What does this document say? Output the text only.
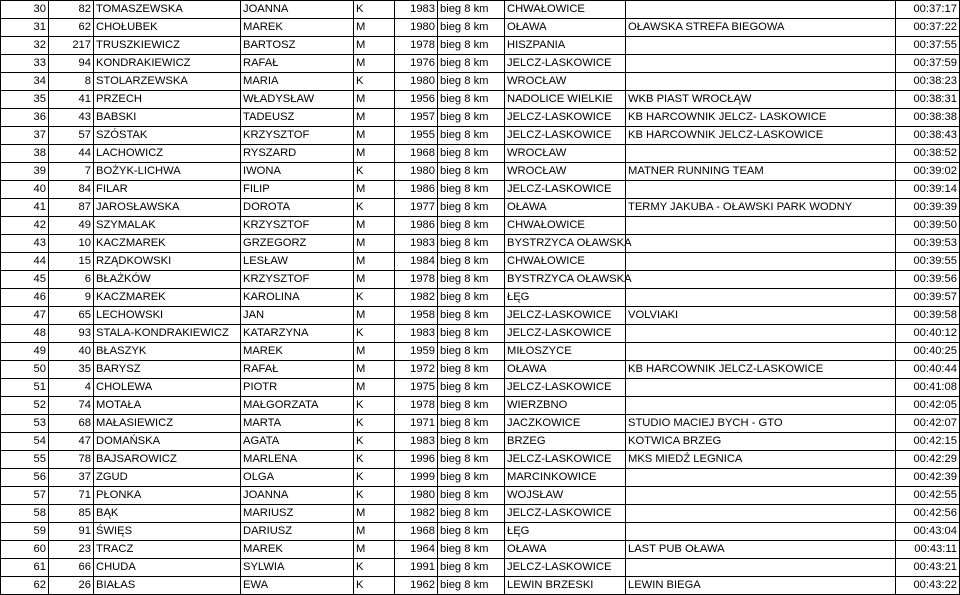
30	82	TOMASZEWSKA	JOANNA	K	1983	bieg 8 km	CHWAŁOWICE		00:37:17
31	62	CHOŁUBEK	MAREK	M	1980	bieg 8 km	OŁAWA	OŁAWSKA STREFA BIEGOWA	00:37:22
32	217	TRUSZKIEWICZ	BARTOSZ	M	1978	bieg 8 km	HISZPANIA		00:37:55
33	94	KONDRAKIEWICZ	RAFAŁ	M	1976	bieg 8 km	JELCZ-LASKOWICE		00:37:59
34	8	STOLARZEWSKA	MARIA	K	1980	bieg 8 km	WROCŁAW		00:38:23
35	41	PRZECH	WŁADYSŁAW	M	1956	bieg 8 km	NADOLICE WIELKIE	WKB PIAST WROCŁĄW	00:38:31
36	43	BABSKI	TADEUSZ	M	1957	bieg 8 km	JELCZ-LASKOWICE	KB HARCOWNIK JELCZ- LASKOWICE	00:38:38
37	57	SZÓSTAK	KRZYSZTOF	M	1955	bieg 8 km	JELCZ-LASKOWICE	KB HARCOWNIK JELCZ-LASKOWICE	00:38:43
38	44	LACHOWICZ	RYSZARD	M	1968	bieg 8 km	WROCŁAW		00:38:52
39	7	BOŻYK-LICHWA	IWONA	K	1980	bieg 8 km	WROCŁAW	MATNER RUNNING TEAM	00:39:02
40	84	FILAR	FILIP	M	1986	bieg 8 km	JELCZ-LASKOWICE		00:39:14
41	87	JAROSŁAWSKA	DOROTA	K	1977	bieg 8 km	OŁAWA	TERMY JAKUBA - OŁAWSKI PARK WODNY	00:39:39
42	49	SZYMALAK	KRZYSZTOF	M	1986	bieg 8 km	CHWAŁOWICE		00:39:50
43	10	KACZMAREK	GRZEGORZ	M	1983	bieg 8 km	BYSTRZYCA OŁAWSKA		00:39:53
44	15	RZĄDKOWSKI	LESŁAW	M	1984	bieg 8 km	CHWAŁOWICE		00:39:55
45	6	BŁAŻKÓW	KRZYSZTOF	M	1978	bieg 8 km	BYSTRZYCA OŁAWSKA		00:39:56
46	9	KACZMAREK	KAROLINA	K	1982	bieg 8 km	ŁĘG		00:39:57
47	65	LECHOWSKI	JAN	M	1958	bieg 8 km	JELCZ-LASKOWICE	VOLVIAKI	00:39:58
48	93	STALA-KONDRAKIEWICZ	KATARZYNA	K	1983	bieg 8 km	JELCZ-LASKOWICE		00:40:12
49	40	BŁASZYK	MAREK	M	1959	bieg 8 km	MIŁOSZYCE		00:40:25
50	35	BARYSZ	RAFAŁ	M	1972	bieg 8 km	OŁAWA	KB HARCOWNIK JELCZ-LASKOWICE	00:40:44
51	4	CHOLEWA	PIOTR	M	1975	bieg 8 km	JELCZ-LASKOWICE		00:41:08
52	74	MOTAŁA	MAŁGORZATA	K	1978	bieg 8 km	WIERZBNO		00:42:05
53	68	MAŁASIEWICZ	MARTA	K	1971	bieg 8 km	JACZKOWICE	STUDIO MACIEJ BYCH - GTO	00:42:07
54	47	DOMAŃSKA	AGATA	K	1983	bieg 8 km	BRZEG	KOTWICA BRZEG	00:42:15
55	78	BAJSAROWICZ	MARLENA	K	1996	bieg 8 km	JELCZ-LASKOWICE	MKS MIEDŹ LEGNICA	00:42:29
56	37	ZGUD	OLGA	K	1999	bieg 8 km	MARCINKOWICE		00:42:39
57	71	PŁONKA	JOANNA	K	1980	bieg 8 km	WOJSŁAW		00:42:55
58	85	BĄK	MARIUSZ	M	1982	bieg 8 km	JELCZ-LASKOWICE		00:42:56
59	91	ŚWIĘS	DARIUSZ	M	1968	bieg 8 km	ŁĘG		00:43:04
60	23	TRACZ	MAREK	M	1964	bieg 8 km	OŁAWA	LAST PUB OŁAWA	00:43:11
61	66	CHUDA	SYLWIA	K	1991	bieg 8 km	JELCZ-LASKOWICE		00:43:21
62	26	BIAŁAS	EWA	K	1962	bieg 8 km	LEWIN BRZESKI	LEWIN BIEGA	00:43:22
